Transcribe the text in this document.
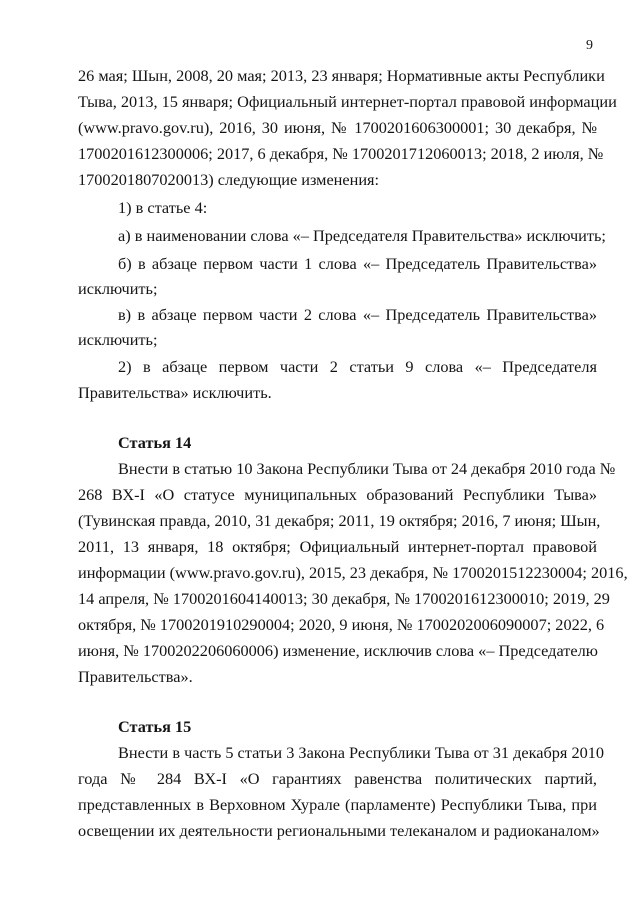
9
26 мая; Шын, 2008, 20 мая; 2013, 23 января; Нормативные акты Республики
Тыва, 2013, 15 января; Официальный интернет-портал правовой информации
(www.pravo.gov.ru), 2016, 30 июня, № 1700201606300001; 30 декабря, №
1700201612300006; 2017, 6 декабря, № 1700201712060013; 2018, 2 июля, №
1700201807020013) следующие изменения:
1) в статье 4:
а) в наименовании слова «– Председателя Правительства» исключить;
б) в абзаце первом части 1 слова «– Председатель Правительства»
исключить;
в) в абзаце первом части 2 слова «– Председатель Правительства»
исключить;
2) в абзаце первом части 2 статьи 9 слова «– Председателя
Правительства» исключить.
Статья 14
Внести в статью 10 Закона Республики Тыва от 24 декабря 2010 года №
268 ВХ-I «О статусе муниципальных образований Республики Тыва»
(Тувинская правда, 2010, 31 декабря; 2011, 19 октября; 2016, 7 июня; Шын,
2011, 13 января, 18 октября; Официальный интернет-портал правовой
информации (www.pravo.gov.ru), 2015, 23 декабря, № 1700201512230004; 2016,
14 апреля, № 1700201604140013; 30 декабря, № 1700201612300010; 2019, 29
октября, № 1700201910290004; 2020, 9 июня, № 1700202006090007; 2022, 6
июня, № 1700202206060006) изменение, исключив слова «– Председателю
Правительства».
Статья 15
Внести в часть 5 статьи 3 Закона Республики Тыва от 31 декабря 2010
года № 284 ВХ-I «О гарантиях равенства политических партий,
представленных в Верховном Хурале (парламенте) Республики Тыва, при
освещении их деятельности региональными телеканалом и радиоканалом»
